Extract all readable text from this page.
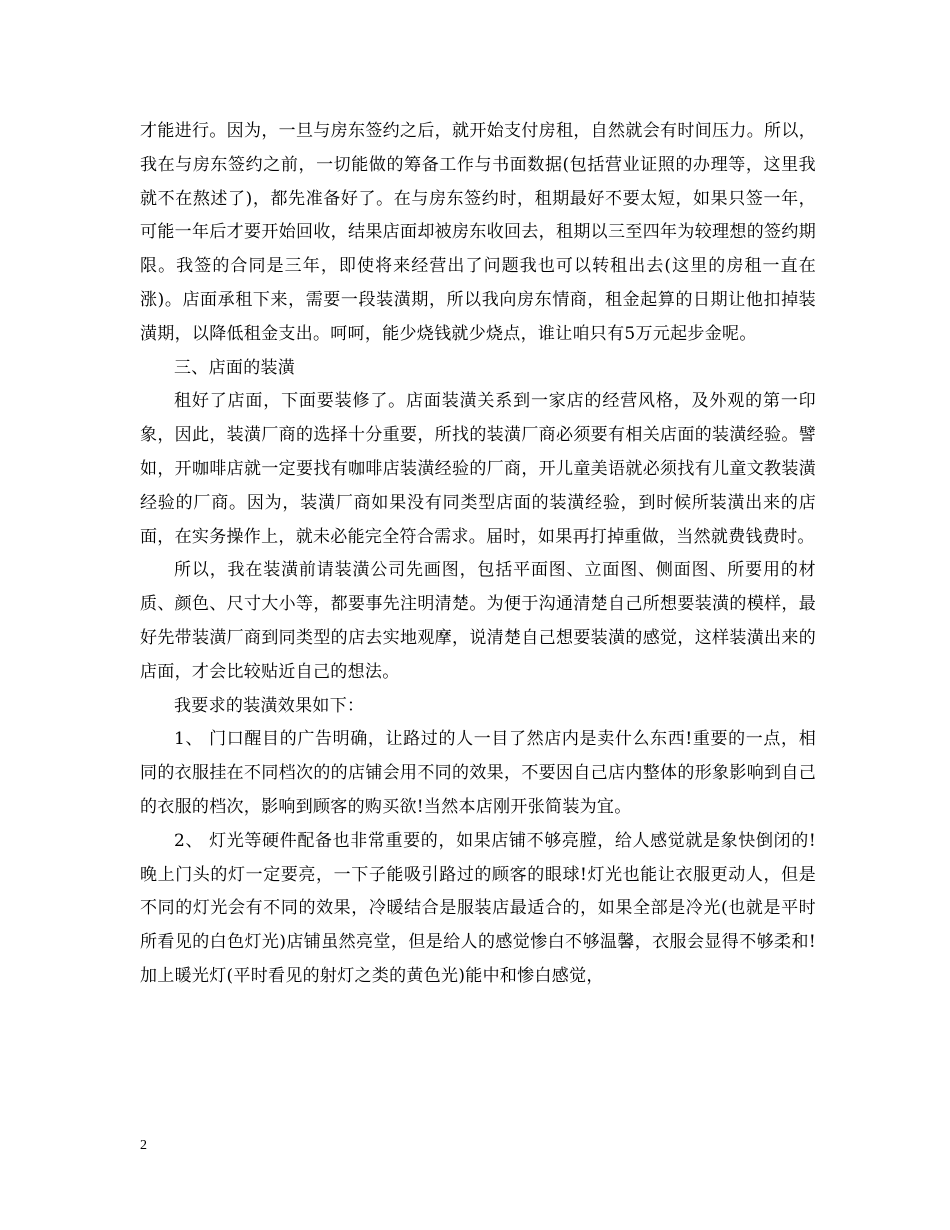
才能进行。因为，一旦与房东签约之后，就开始支付房租，自然就会有时间压力。所以，我在与房东签约之前，一切能做的筹备工作与书面数据(包括营业证照的办理等，这里我就不在熬述了)，都先准备好了。在与房东签约时，租期最好不要太短，如果只签一年，可能一年后才要开始回收，结果店面却被房东收回去，租期以三至四年为较理想的签约期限。我签的合同是三年，即使将来经营出了问题我也可以转租出去(这里的房租一直在涨)。店面承租下来，需要一段装潢期，所以我向房东情商，租金起算的日期让他扣掉装潢期，以降低租金支出。呵呵，能少烧钱就少烧点，谁让咱只有5万元起步金呢。

三、店面的装潢

租好了店面，下面要装修了。店面装潢关系到一家店的经营风格，及外观的第一印象，因此，装潢厂商的选择十分重要，所找的装潢厂商必须要有相关店面的装潢经验。譬如，开咖啡店就一定要找有咖啡店装潢经验的厂商，开儿童美语就必须找有儿童文教装潢经验的厂商。因为，装潢厂商如果没有同类型店面的装潢经验，到时候所装潢出来的店面，在实务操作上，就未必能完全符合需求。届时，如果再打掉重做，当然就费钱费时。

所以，我在装潢前请装潢公司先画图，包括平面图、立面图、侧面图、所要用的材质、颜色、尺寸大小等，都要事先注明清楚。为便于沟通清楚自己所想要装潢的模样，最好先带装潢厂商到同类型的店去实地观摩，说清楚自己想要装潢的感觉，这样装潢出来的店面，才会比较贴近自己的想法。

我要求的装潢效果如下：

1、 门口醒目的广告明确，让路过的人一目了然店内是卖什么东西!重要的一点，相同的衣服挂在不同档次的的店铺会用不同的效果，不要因自己店内整体的形象影响到自己的衣服的档次，影响到顾客的购买欲!当然本店刚开张简装为宜。

2、 灯光等硬件配备也非常重要的，如果店铺不够亮膛，给人感觉就是象快倒闭的!晚上门头的灯一定要亮，一下子能吸引路过的顾客的眼球!灯光也能让衣服更动人，但是不同的灯光会有不同的效果，冷暖结合是服装店最适合的，如果全部是冷光(也就是平时所看见的白色灯光)店铺虽然亮堂，但是给人的感觉惨白不够温馨，衣服会显得不够柔和!加上暖光灯(平时看见的射灯之类的黄色光)能中和惨白感觉，

2
